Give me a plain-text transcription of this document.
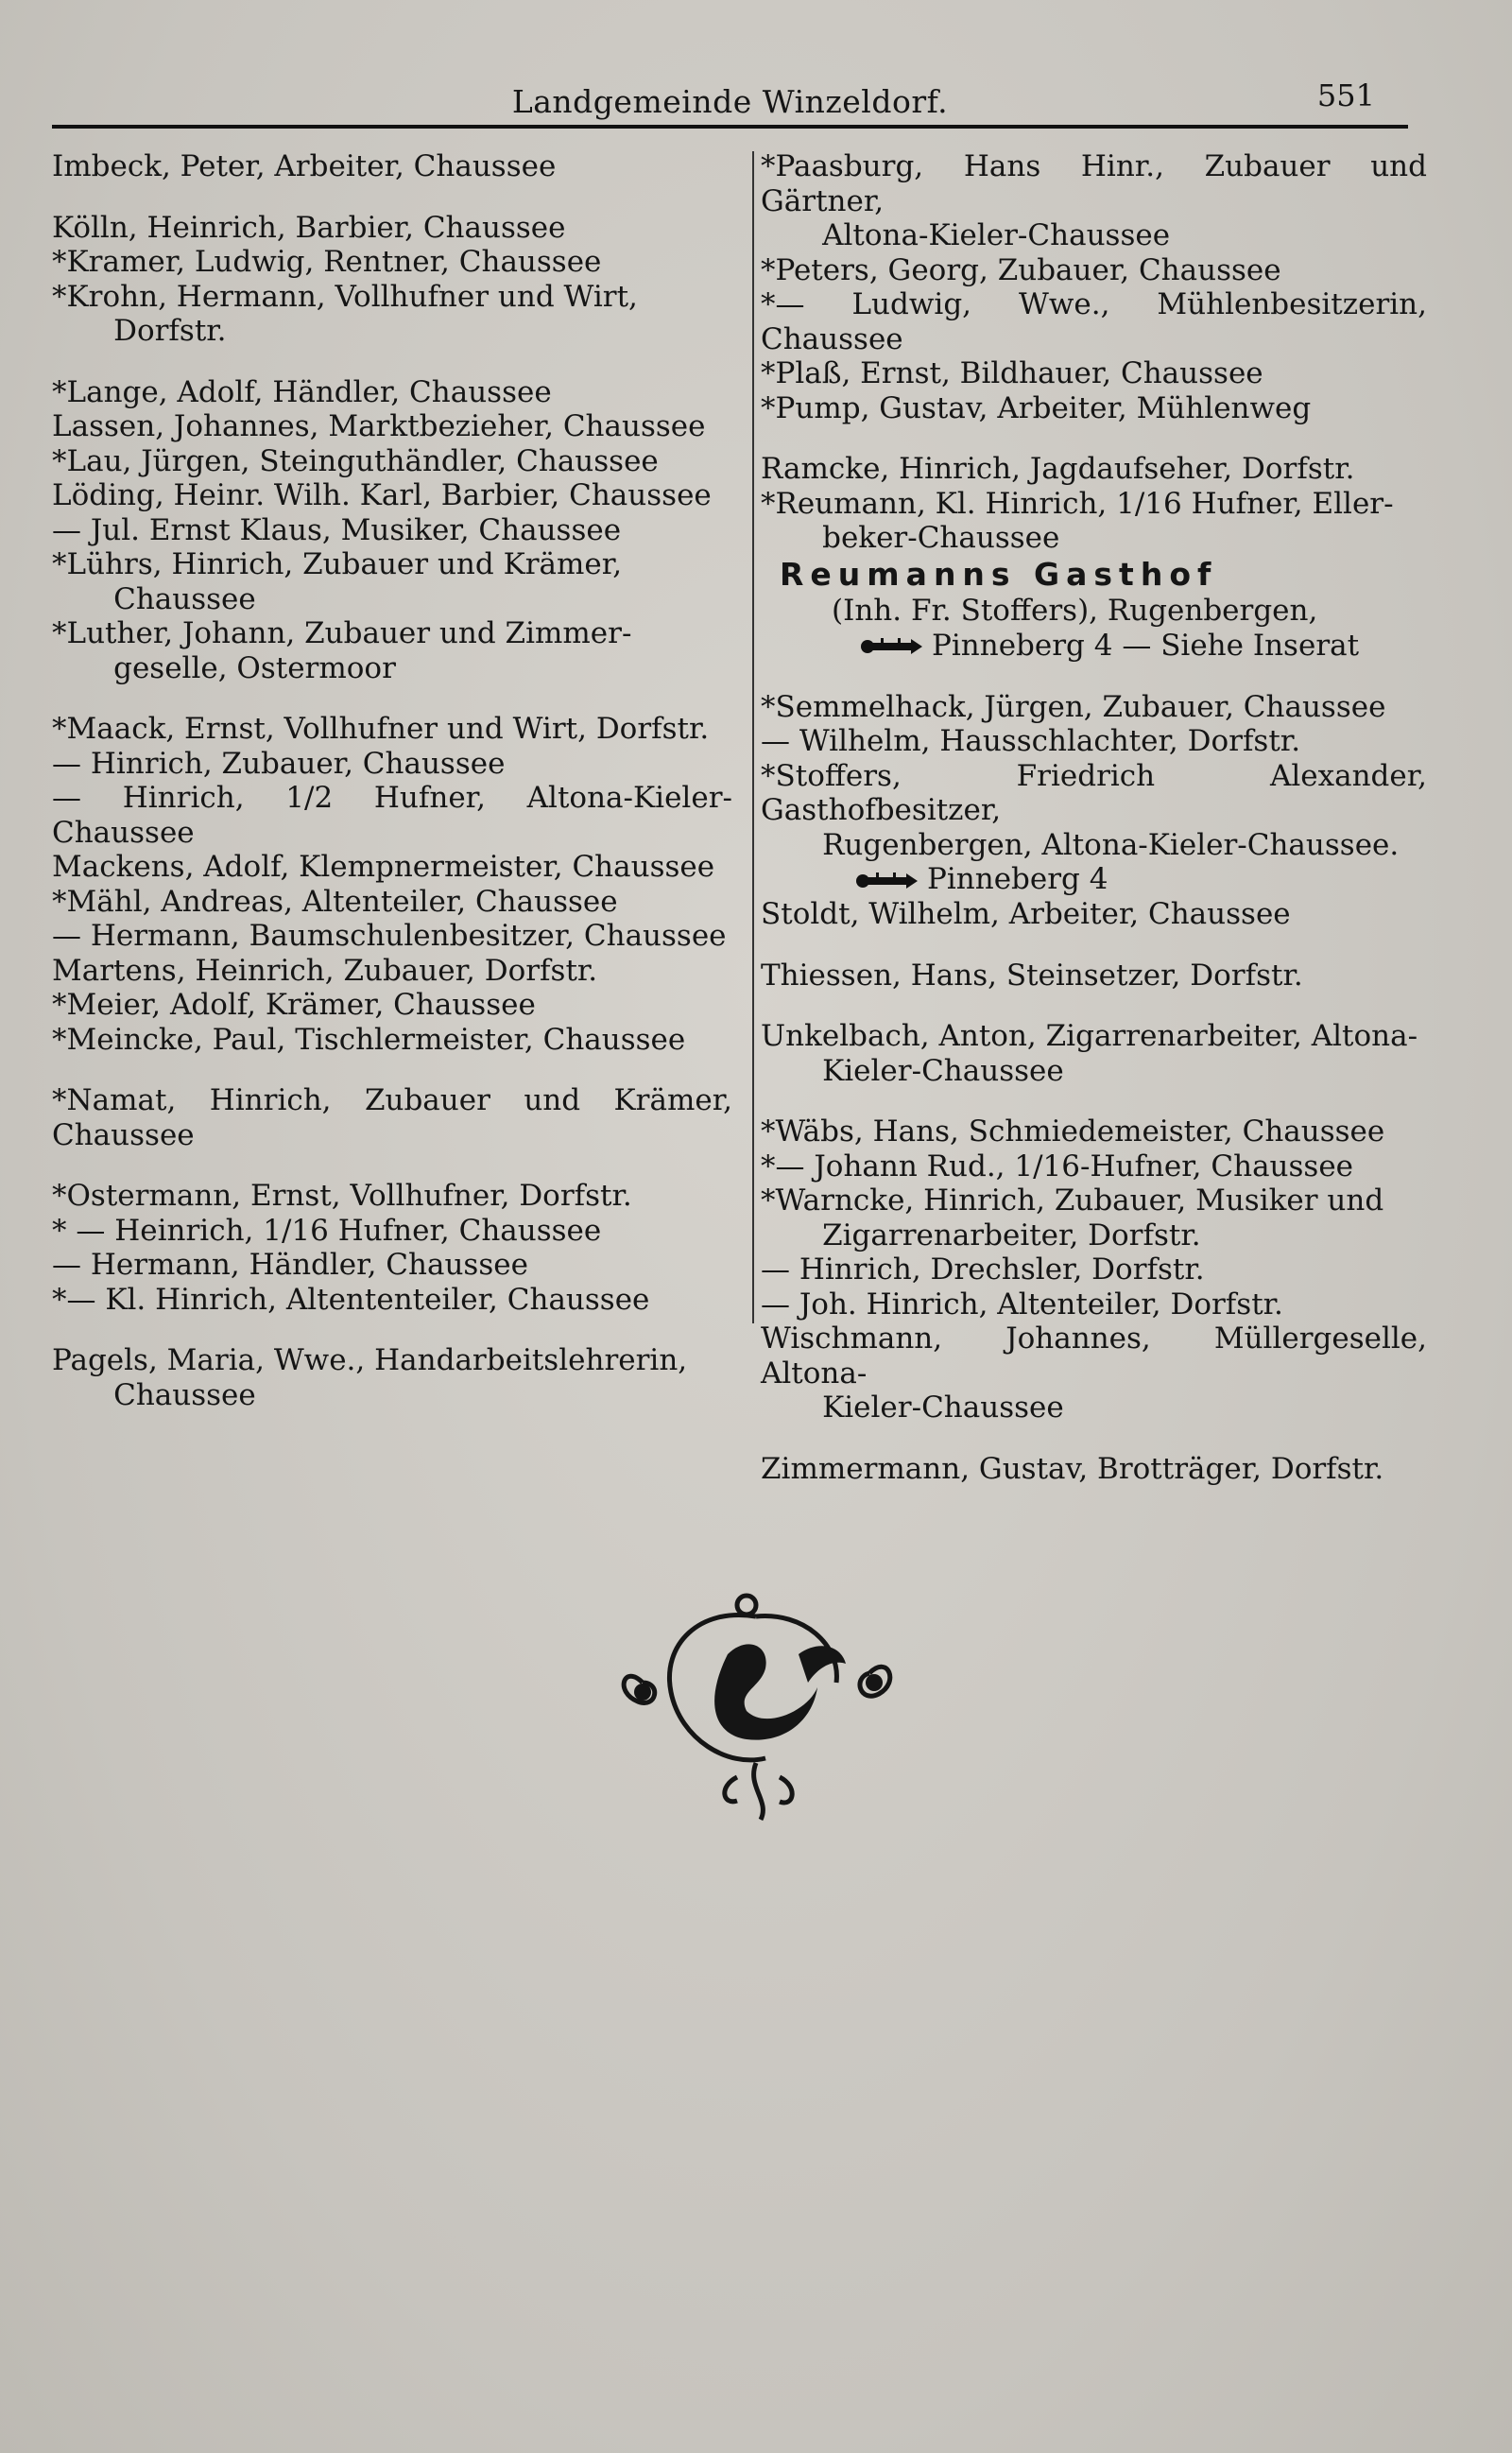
Landgemeinde Winzeldorf.	551
Imbeck, Peter, Arbeiter, Chaussee
Kölln, Heinrich, Barbier, Chaussee
*Kramer, Ludwig, Rentner, Chaussee
*Krohn, Hermann, Vollhufner und Wirt,
Dorfstr.
*Lange, Adolf, Händler, Chaussee
Lassen, Johannes, Marktbezieher, Chaussee
*Lau, Jürgen, Steinguthändler, Chaussee
Löding, Heinr. Wilh. Karl, Barbier, Chaussee
— Jul. Ernst Klaus, Musiker, Chaussee
*Lührs, Hinrich, Zubauer und Krämer,
Chaussee
*Luther, Johann, Zubauer und Zimmer-
geselle, Ostermoor
*Maack, Ernst, Vollhufner und Wirt, Dorfstr.
— Hinrich, Zubauer, Chaussee
— Hinrich, 1/2 Hufner, Altona-Kieler-Chaussee
Mackens, Adolf, Klempnermeister, Chaussee
*Mähl, Andreas, Altenteiler, Chaussee
— Hermann, Baumschulenbesitzer, Chaussee
Martens, Heinrich, Zubauer, Dorfstr.
*Meier, Adolf, Krämer, Chaussee
*Meincke, Paul, Tischlermeister, Chaussee
*Namat, Hinrich, Zubauer und Krämer, Chaussee
*Ostermann, Ernst, Vollhufner, Dorfstr.
* — Heinrich, 1/16 Hufner, Chaussee
— Hermann, Händler, Chaussee
*— Kl. Hinrich, Altententeiler, Chaussee
Pagels, Maria, Wwe., Handarbeitslehrerin,
Chaussee
*Paasburg, Hans Hinr., Zubauer und Gärtner,
Altona-Kieler-Chaussee
*Peters, Georg, Zubauer, Chaussee
*— Ludwig, Wwe., Mühlenbesitzerin, Chaussee
*Plaß, Ernst, Bildhauer, Chaussee
*Pump, Gustav, Arbeiter, Mühlenweg
Ramcke, Hinrich, Jagdaufseher, Dorfstr.
*Reumann, Kl. Hinrich, 1/16 Hufner, Eller-
beker-Chaussee
Reumanns Gasthof
(Inh. Fr. Stoffers), Rugenbergen,
Pinneberg 4 — Siehe Inserat
*Semmelhack, Jürgen, Zubauer, Chaussee
— Wilhelm, Hausschlachter, Dorfstr.
*Stoffers, Friedrich Alexander, Gasthofbesitzer,
Rugenbergen, Altona-Kieler-Chaussee.
Pinneberg 4
Stoldt, Wilhelm, Arbeiter, Chaussee
Thiessen, Hans, Steinsetzer, Dorfstr.
Unkelbach, Anton, Zigarrenarbeiter, Altona-
Kieler-Chaussee
*Wäbs, Hans, Schmiedemeister, Chaussee
*— Johann Rud., 1/16-Hufner, Chaussee
*Warncke, Hinrich, Zubauer, Musiker und
Zigarrenarbeiter, Dorfstr.
— Hinrich, Drechsler, Dorfstr.
— Joh. Hinrich, Altenteiler, Dorfstr.
Wischmann, Johannes, Müllergeselle, Altona-
Kieler-Chaussee
Zimmermann, Gustav, Brotträger, Dorfstr.
